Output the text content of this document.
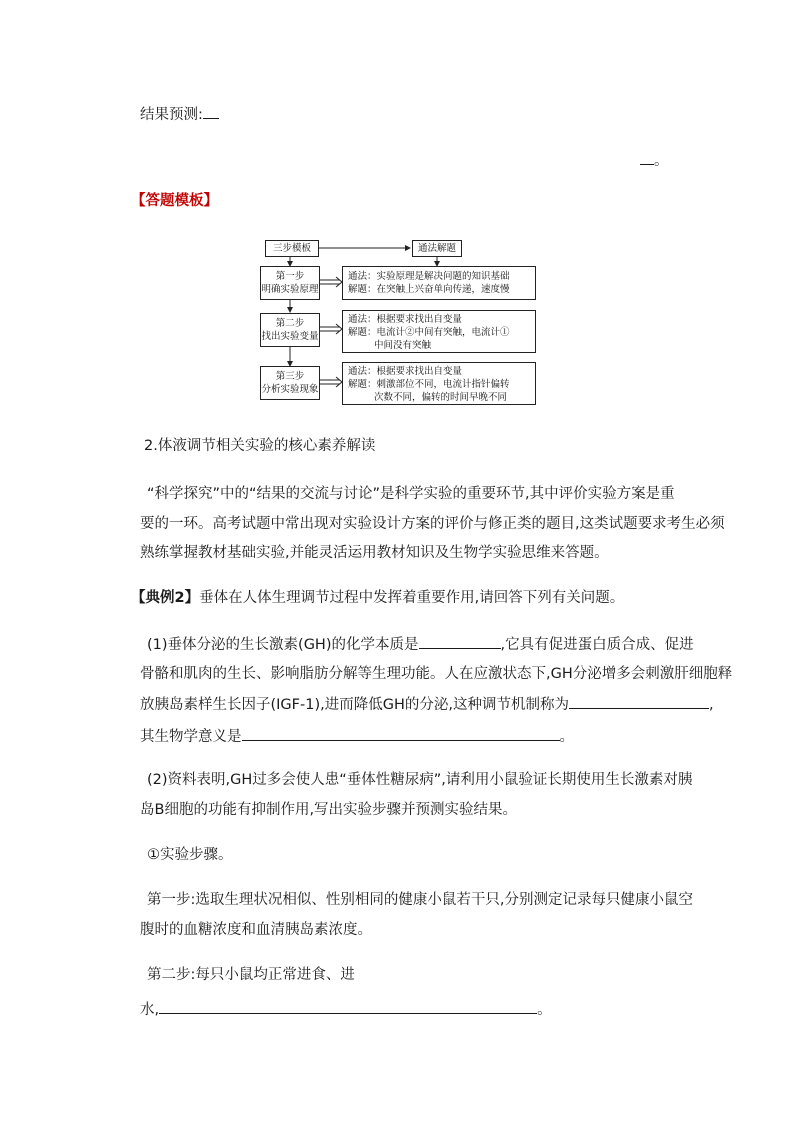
结果预测:
。
【答题模板】
三步模板	通法解题
第一步
明确实验原理
通法：实验原理是解决问题的知识基础
解题：在突触上兴奋单向传递，速度慢
第二步
找出实验变量
通法：根据要求找出自变量
解题：电流计②中间有突触，电流计①
中间没有突触
第三步
分析实验现象
通法：根据要求找出自变量
解题：刺激部位不同，电流计指针偏转
次数不同，偏转的时间早晚不同
2.体液调节相关实验的核心素养解读
“科学探究”中的“结果的交流与讨论”是科学实验的重要环节,其中评价实验方案是重
要的一环。高考试题中常出现对实验设计方案的评价与修正类的题目,这类试题要求考生必须
熟练掌握教材基础实验,并能灵活运用教材知识及生物学实验思维来答题。
【典例2】垂体在人体生理调节过程中发挥着重要作用,请回答下列有关问题。
(1)垂体分泌的生长激素(GH)的化学本质是	,它具有促进蛋白质合成、促进
骨骼和肌肉的生长、影响脂肪分解等生理功能。人在应激状态下,GH分泌增多会刺激肝细胞释
放胰岛素样生长因子(IGF-1),进而降低GH的分泌,这种调节机制称为	,
其生物学意义是	。
(2)资料表明,GH过多会使人患“垂体性糖尿病”,请利用小鼠验证长期使用生长激素对胰
岛B细胞的功能有抑制作用,写出实验步骤并预测实验结果。
①实验步骤。
第一步:选取生理状况相似、性别相同的健康小鼠若干只,分别测定记录每只健康小鼠空
腹时的血糖浓度和血清胰岛素浓度。
第二步:每只小鼠均正常进食、进
水,	。
